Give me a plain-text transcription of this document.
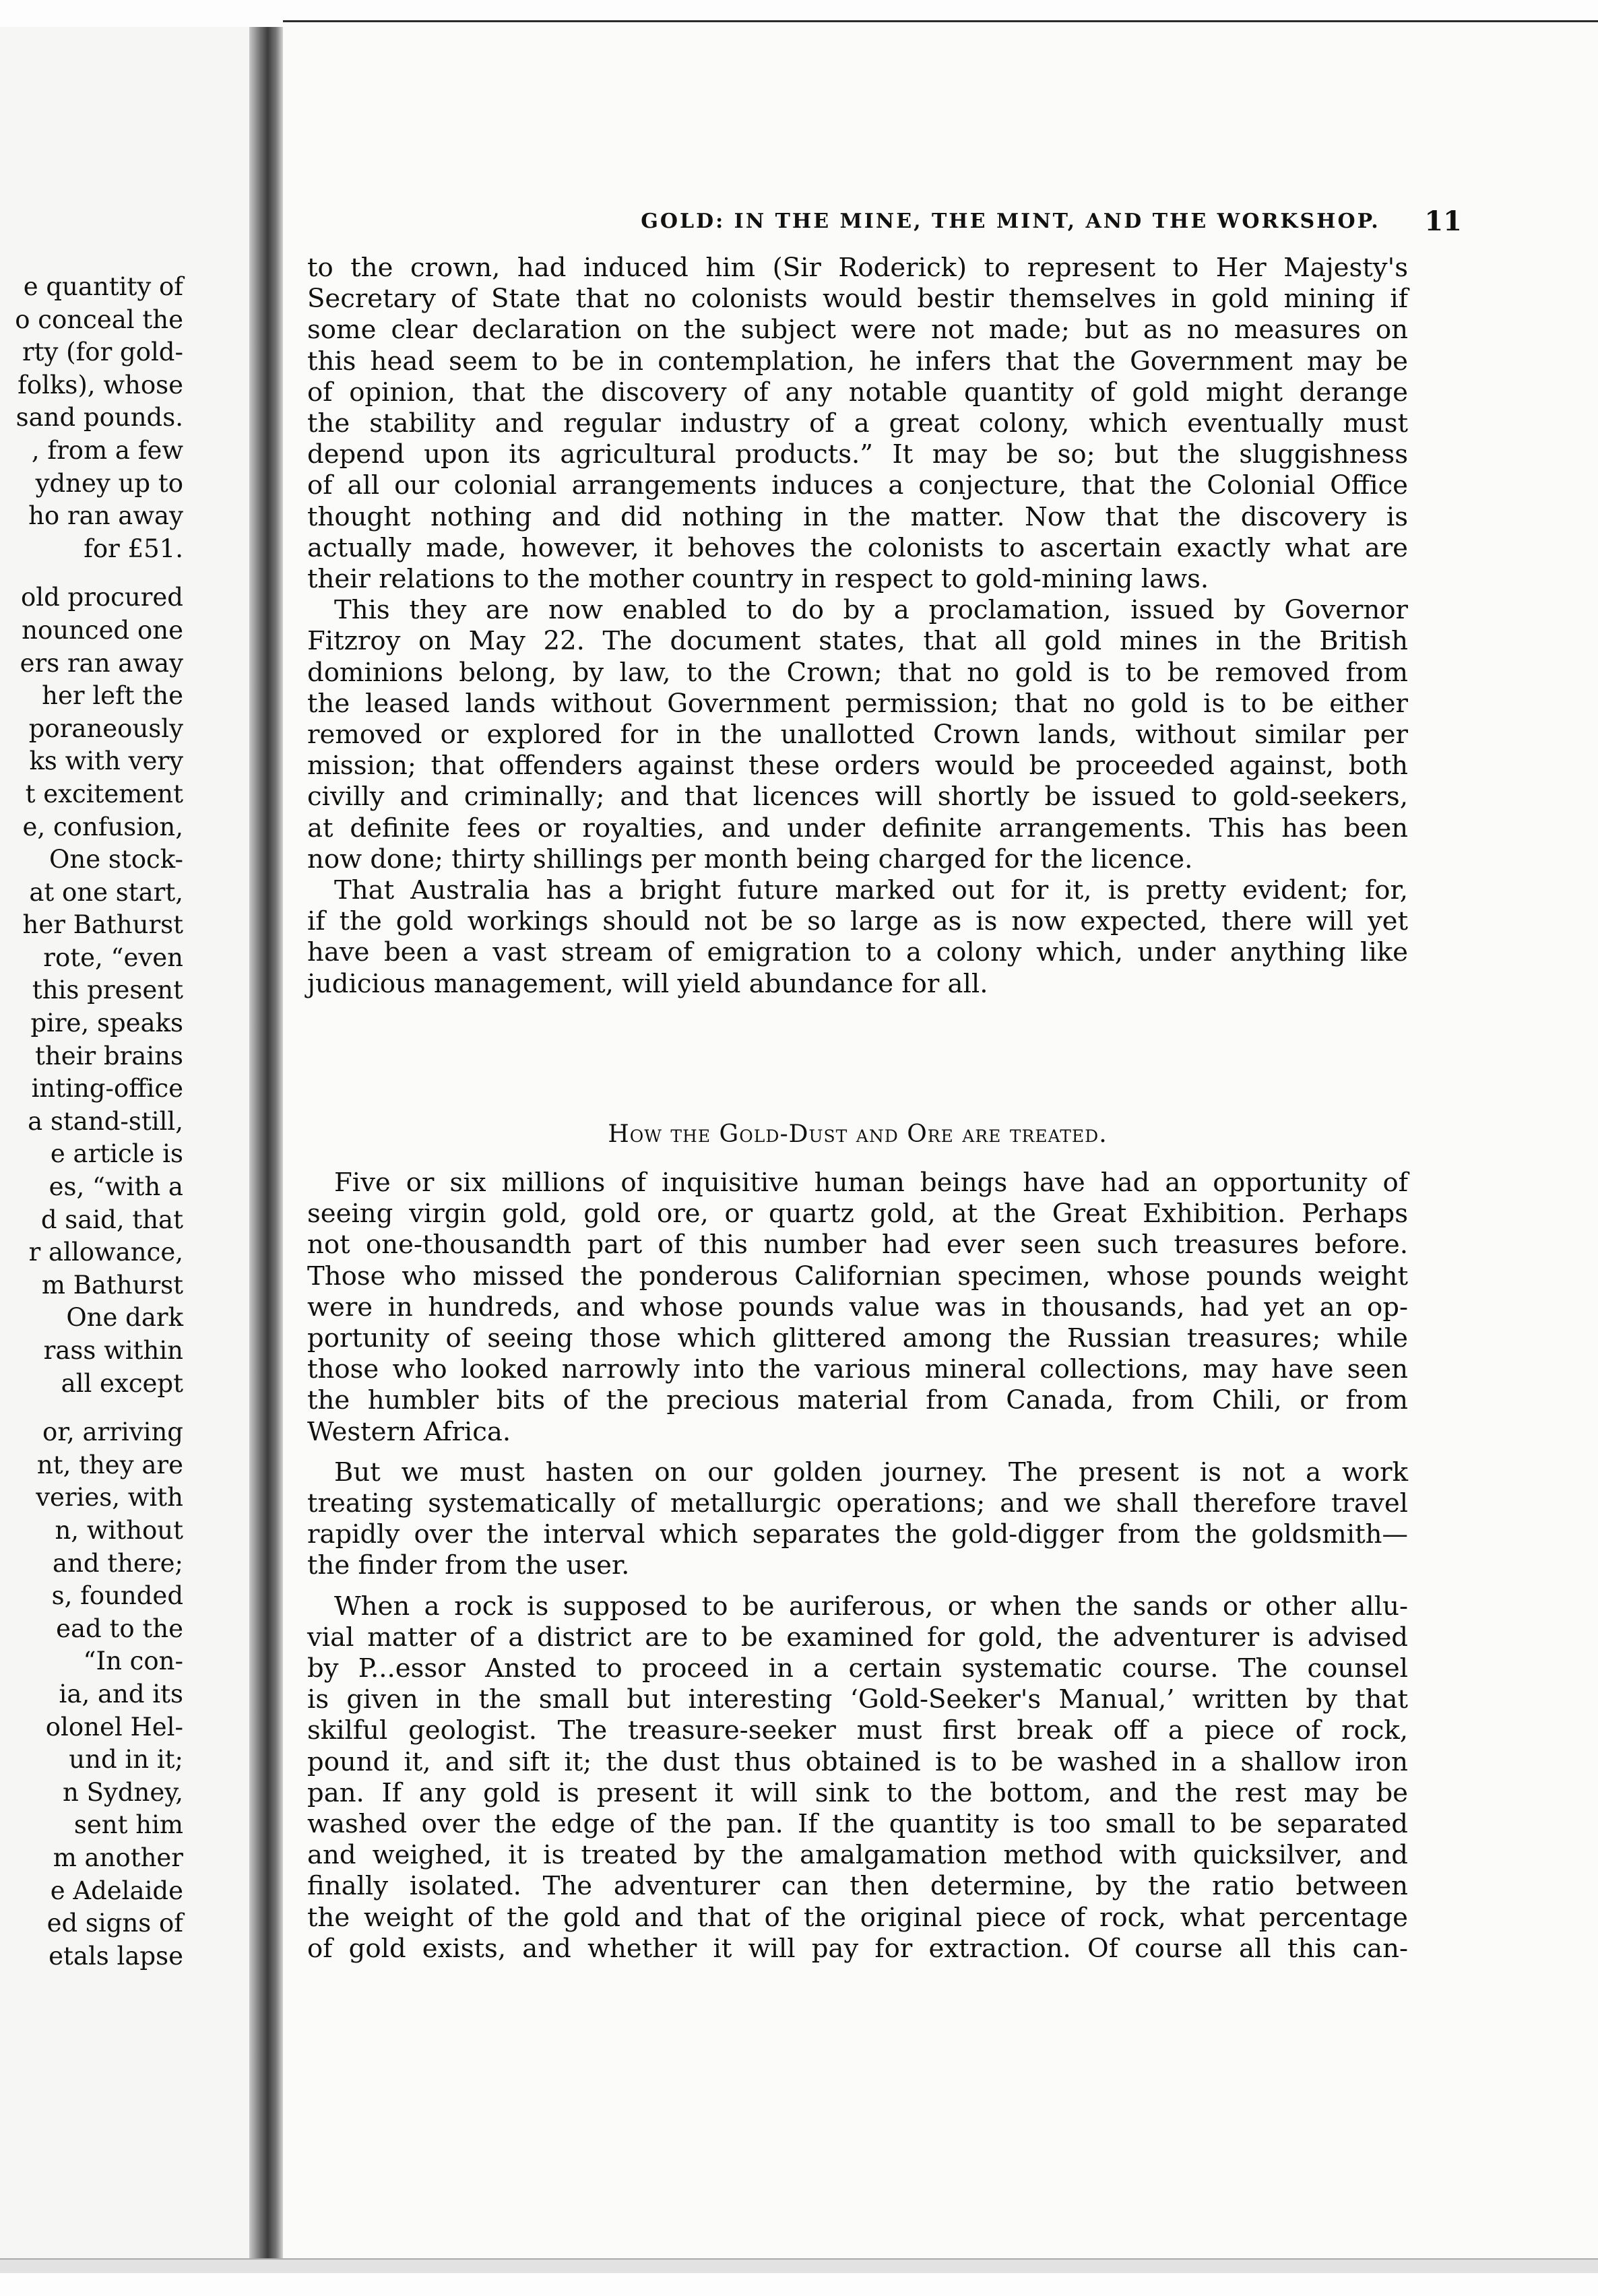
e quantity of
o conceal the
rty (for gold-
folks), whose
sand pounds.
, from a few
ydney up to
ho ran away
for £51.
old procured
nounced one
ers ran away
her left the
poraneously
ks with very
t excitement
e, confusion,
One stock-
at one start,
her Bathurst
rote, “even
this present
pire, speaks
their brains
inting-office
a stand-still,
e article is
es, “with a
d said, that
r allowance,
m Bathurst
One dark
rass within
all except
or, arriving
nt, they are
veries, with
n, without
and there;
s, founded
ead to the
“In con-
ia, and its
olonel Hel-
und in it;
n Sydney,
sent him
m another
e Adelaide
ed signs of
etals lapse
GOLD: IN THE MINE, THE MINT, AND THE WORKSHOP.	11
to the crown, had induced him (Sir Roderick) to represent to Her Majesty's
Secretary of State that no colonists would bestir themselves in gold mining if
some clear declaration on the subject were not made; but as no measures on
this head seem to be in contemplation, he infers that the Government may be
of opinion, that the discovery of any notable quantity of gold might derange
the stability and regular industry of a great colony, which eventually must
depend upon its agricultural products.” It may be so; but the sluggishness
of all our colonial arrangements induces a conjecture, that the Colonial Office
thought nothing and did nothing in the matter. Now that the discovery is
actually made, however, it behoves the colonists to ascertain exactly what are
their relations to the mother country in respect to gold-mining laws.
This they are now enabled to do by a proclamation, issued by Governor
Fitzroy on May 22. The document states, that all gold mines in the British
dominions belong, by law, to the Crown; that no gold is to be removed from
the leased lands without Government permission; that no gold is to be either
removed or explored for in the unallotted Crown lands, without similar per
mission; that offenders against these orders would be proceeded against, both
civilly and criminally; and that licences will shortly be issued to gold-seekers,
at definite fees or royalties, and under definite arrangements. This has been
now done; thirty shillings per month being charged for the licence.
That Australia has a bright future marked out for it, is pretty evident; for,
if the gold workings should not be so large as is now expected, there will yet
have been a vast stream of emigration to a colony which, under anything like
judicious management, will yield abundance for all.
How the Gold-Dust and Ore are treated.
Five or six millions of inquisitive human beings have had an opportunity of
seeing virgin gold, gold ore, or quartz gold, at the Great Exhibition. Perhaps
not one-thousandth part of this number had ever seen such treasures before.
Those who missed the ponderous Californian specimen, whose pounds weight
were in hundreds, and whose pounds value was in thousands, had yet an op-
portunity of seeing those which glittered among the Russian treasures; while
those who looked narrowly into the various mineral collections, may have seen
the humbler bits of the precious material from Canada, from Chili, or from
Western Africa.
But we must hasten on our golden journey. The present is not a work
treating systematically of metallurgic operations; and we shall therefore travel
rapidly over the interval which separates the gold-digger from the goldsmith—
the finder from the user.
When a rock is supposed to be auriferous, or when the sands or other allu-
vial matter of a district are to be examined for gold, the adventurer is advised
by P...essor Ansted to proceed in a certain systematic course. The counsel
is given in the small but interesting ‘Gold-Seeker's Manual,’ written by that
skilful geologist. The treasure-seeker must first break off a piece of rock,
pound it, and sift it; the dust thus obtained is to be washed in a shallow iron
pan. If any gold is present it will sink to the bottom, and the rest may be
washed over the edge of the pan. If the quantity is too small to be separated
and weighed, it is treated by the amalgamation method with quicksilver, and
finally isolated. The adventurer can then determine, by the ratio between
the weight of the gold and that of the original piece of rock, what percentage
of gold exists, and whether it will pay for extraction. Of course all this can-
